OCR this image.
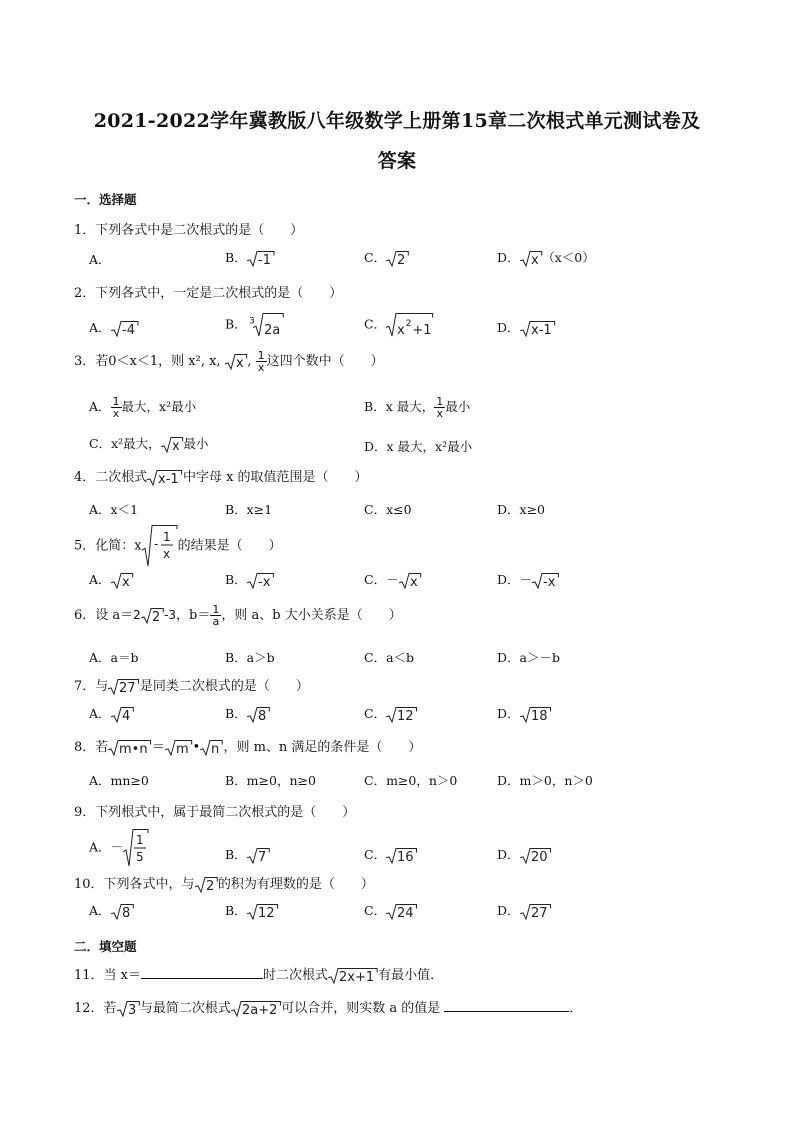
2021-2022学年冀教版八年级数学上册第15章二次根式单元测试卷及
答案
一．选择题
1．下列各式中是二次根式的是（　　）
A．	B． -1	C． 2	D． x （x＜0）
2．下列各式中，一定是二次根式的是（　　）
A． -4	B． 3
2a	C． x 2 +1	D． x-1
3．若0＜x＜1，则 x², x, x , $\frac{1}{x}$ 这四个数中（　　）
A． $\frac{1}{x}$ 最大，x²最小	B．x 最大， $\frac{1}{x}$ 最小
C．x²最大， x 最小	D．x 最大，x²最小
4．二次根式 x-1 中字母 x 的取值范围是（　　）
A．x＜1	B．x≥1	C．x≤0	D．x≥0
5．化简：x - 1
x
的结果是（　　）
A． x	B． -x	C．－ x	D．－ -x
6．设 a＝2 2 -3，$b= \frac{1}{a}$ ，则 a、b 大小关系是（　　）
A．a＝b	B．a＞b	C．a＜b	D．a＞－b
7．与 27 是同类二次根式的是（　　）
A． 4	B． 8	C． 12	D． 18
8．若 m•n ＝ m • n ，则 m、n 满足的条件是（　　）
A．mn≥0	B．m≥0，n≥0	C．m≥0，n＞0	D．m＞0，n＞0
9．下列根式中，属于最简二次根式的是（　　）
A．－ 1
5	B． 7	C． 16	D． 20
10．下列各式中，与 2 的积为有理数的是（　　）
A． 8	B． 12	C． 24	D． 27
二．填空题
11．当 x＝	时二次根式 2x+1 有最小值．
12．若 3 与最简二次根式 2a+2 可以合并，则实数 a 的值是	．
